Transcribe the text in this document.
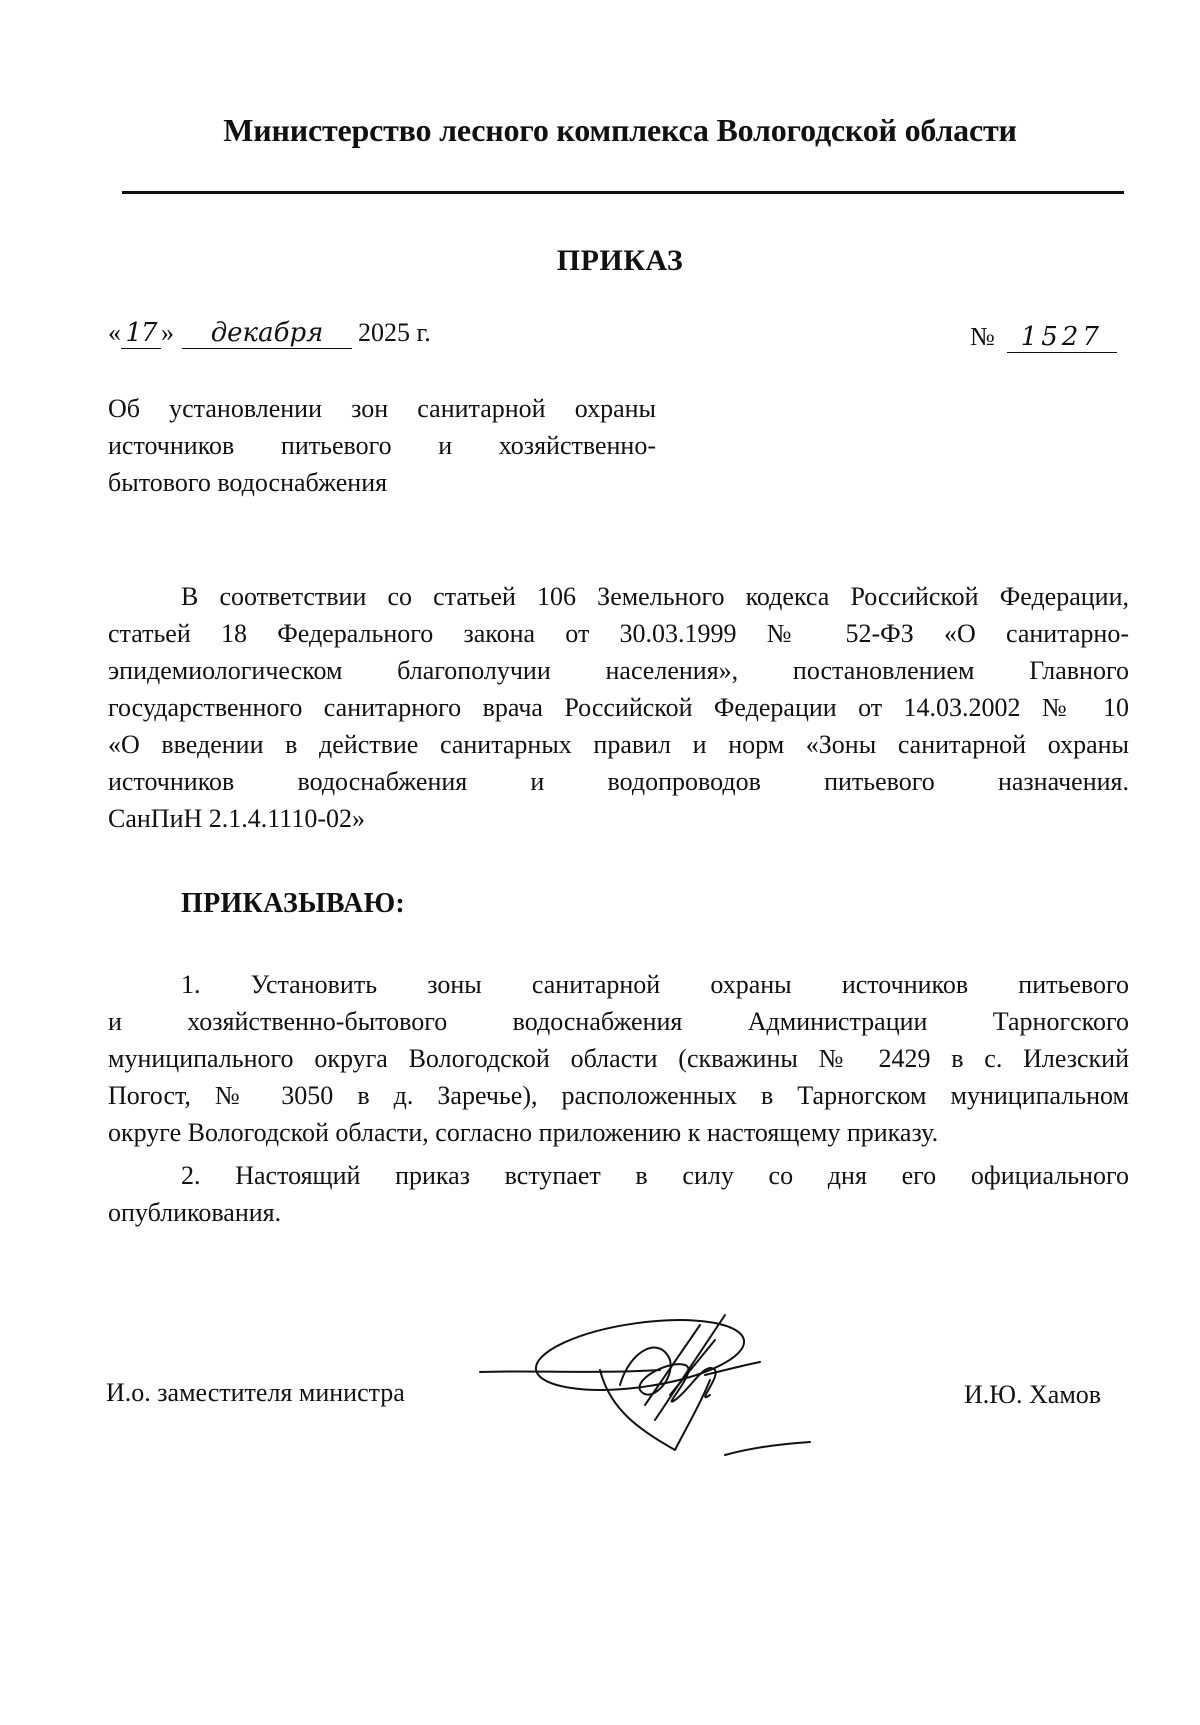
Министерство лесного комплекса Вологодской области
ПРИКАЗ
« 17 » декабря 2025 г.	№ 1527
Об установлении зон санитарной охраны
источников питьевого и хозяйственно-
бытового водоснабжения
В соответствии со статьей 106 Земельного кодекса Российской Федерации,
статьей 18 Федерального закона от 30.03.1999 № 52-ФЗ «О санитарно-
эпидемиологическом благополучии населения», постановлением Главного
государственного санитарного врача Российской Федерации от 14.03.2002 № 10
«О введении в действие санитарных правил и норм «Зоны санитарной охраны
источников водоснабжения и водопроводов питьевого назначения.
СанПиН 2.1.4.1110-02»
ПРИКАЗЫВАЮ:
1. Установить зоны санитарной охраны источников питьевого
и хозяйственно-бытового водоснабжения Администрации Тарногского
муниципального округа Вологодской области (скважины № 2429 в с. Илезский
Погост, № 3050 в д. Заречье), расположенных в Тарногском муниципальном
округе Вологодской области, согласно приложению к настоящему приказу.
2. Настоящий приказ вступает в силу со дня его официального
опубликования.
И.о. заместителя министра	И.Ю. Хамов
